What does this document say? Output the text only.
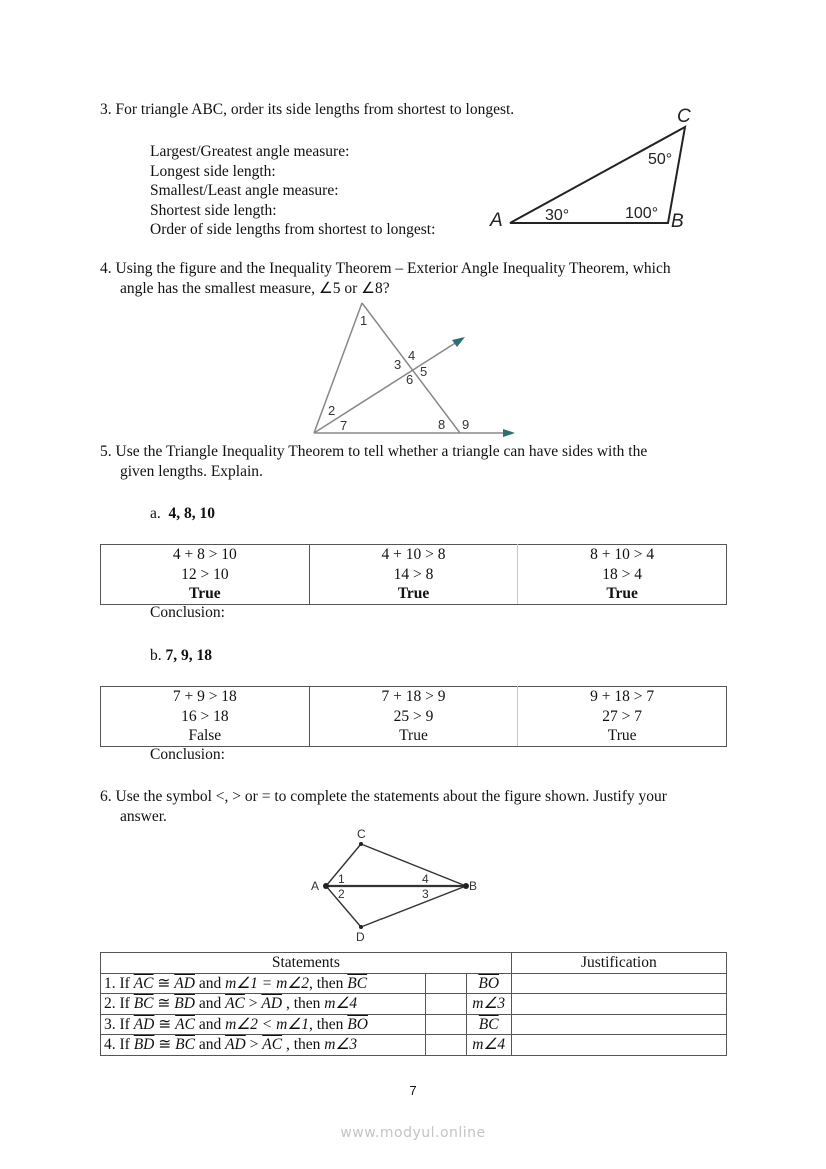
3. For triangle ABC, order its side lengths from shortest to longest.
Largest/Greatest angle measure:
Longest side length:
Smallest/Least angle measure:
Shortest side length:
Order of side lengths from shortest to longest:	A	B
C
30°	100°
50°
4. Using the figure and the Inequality Theorem – Exterior Angle Inequality Theorem, which
angle has the smallest measure, ∠5 or ∠8?
1
2
3
4
5
6
7	8 9
5. Use the Triangle Inequality Theorem to tell whether a triangle can have sides with the
given lengths. Explain.
a. 4, 8, 10
4 + 8 > 10
12 > 10
True

4 + 10 > 8
14 > 8
True

8 + 10 > 4
18 > 4
True
Conclusion:
b. 7, 9, 18
7 + 9 > 18
16 > 18
False

7 + 18 > 9
25 > 9
True

9 + 18 > 7
27 > 7
True
Conclusion:
6. Use the symbol <, > or = to complete the statements about the figure shown. Justify your
answer.
A	B
C
D
1
2	3
4
Statements			Justification
1. If $\overline{AC}$ ≅ $\overline{AD}$ and m∠1 = m∠2, then $\overline{BC}$		$\overline{BO}$	
2. If $\overline{BC}$ ≅ $\overline{BD}$ and $\overline{AC} > \overline{AD}$ , then m∠4		m∠3	
3. If $\overline{AD}$ ≅ $\overline{AC}$ and m∠2 < m∠1, then $\overline{BO}$		$\overline{BC}$	
4. If $\overline{BD}$ ≅ $\overline{BC}$ and $\overline{AD} > \overline{AC}$ , then m∠3		m∠4	
7
www.modyul.online
